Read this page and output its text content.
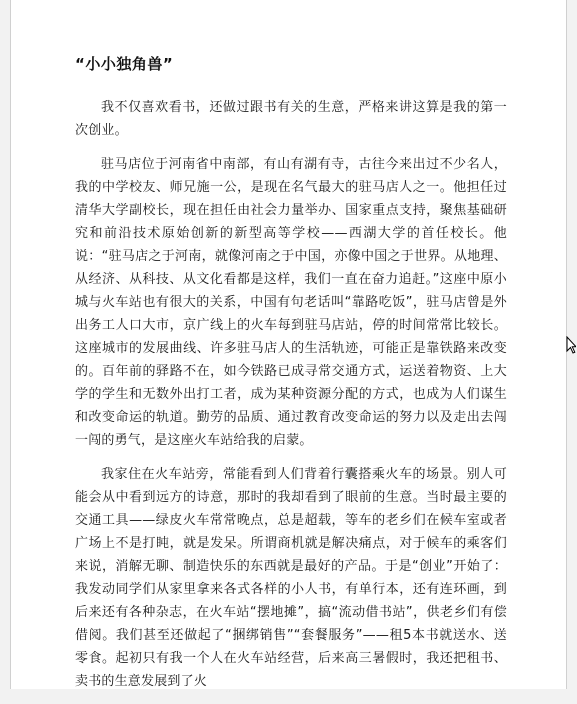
“小小独角兽”

我不仅喜欢看书，还做过跟书有关的生意，严格来讲这算是我的第一次创业。

驻马店位于河南省中南部，有山有湖有寺，古往今来出过不少名人，我的中学校友、师兄施一公，是现在名气最大的驻马店人之一。他担任过清华大学副校长，现在担任由社会力量举办、国家重点支持，聚焦基础研究和前沿技术原始创新的新型高等学校——西湖大学的首任校长。他说：“驻马店之于河南，就像河南之于中国，亦像中国之于世界。从地理、从经济、从科技、从文化看都是这样，我们一直在奋力追赶。”这座中原小城与火车站也有很大的关系，中国有句老话叫“靠路吃饭”，驻马店曾是外出务工人口大市，京广线上的火车每到驻马店站，停的时间常常比较长。这座城市的发展曲线、许多驻马店人的生活轨迹，可能正是靠铁路来改变的。百年前的驿路不在，如今铁路已成寻常交通方式，运送着物资、上大学的学生和无数外出打工者，成为某种资源分配的方式，也成为人们谋生和改变命运的轨道。勤劳的品质、通过教育改变命运的努力以及走出去闯一闯的勇气，是这座火车站给我的启蒙。

我家住在火车站旁，常能看到人们背着行囊搭乘火车的场景。别人可能会从中看到远方的诗意，那时的我却看到了眼前的生意。当时最主要的交通工具——绿皮火车常常晚点，总是超载，等车的老乡们在候车室或者广场上不是打盹，就是发呆。所谓商机就是解决痛点，对于候车的乘客们来说，消解无聊、制造快乐的东西就是最好的产品。于是“创业”开始了：我发动同学们从家里拿来各式各样的小人书，有单行本，还有连环画，到后来还有各种杂志，在火车站“摆地摊”，搞“流动借书站”，供老乡们有偿借阅。我们甚至还做起了“捆绑销售”“套餐服务”——租5本书就送水、送零食。起初只有我一个人在火车站经营，后来高三暑假时，我还把租书、卖书的生意发展到了火
